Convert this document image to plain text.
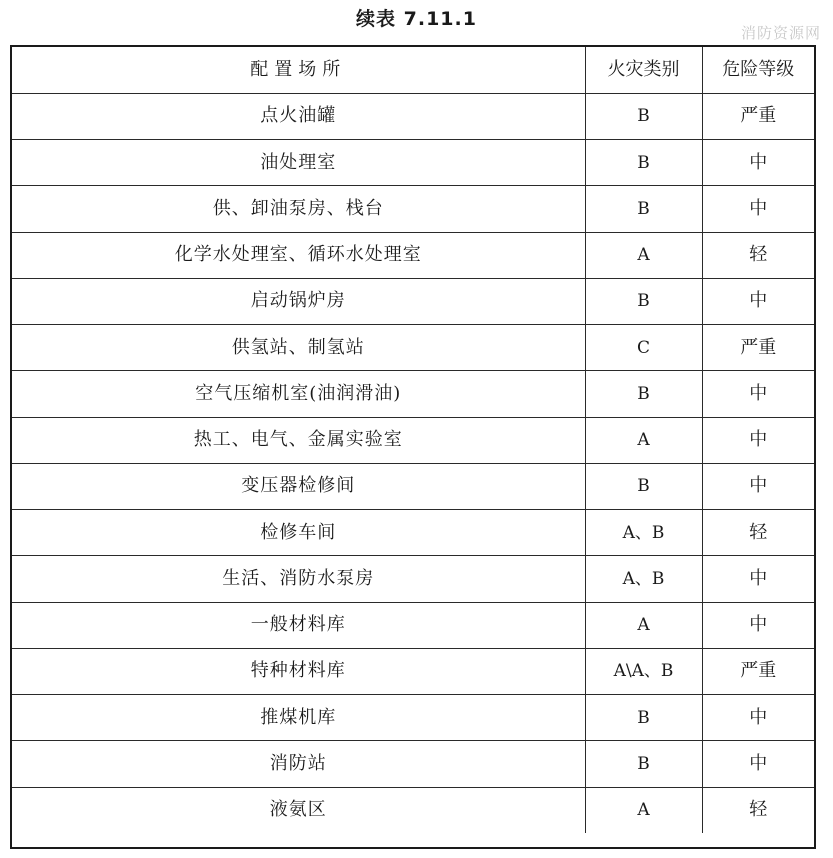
续表 7.11.1
消防资源网
配置场所	火灾类别	危险等级
点火油罐	B	严重
油处理室	B	中
供、卸油泵房、栈台	B	中
化学水处理室、循环水处理室	A	轻
启动锅炉房	B	中
供氢站、制氢站	C	严重
空气压缩机室(油润滑油)	B	中
热工、电气、金属实验室	A	中
变压器检修间	B	中
检修车间	A、B	轻
生活、消防水泵房	A、B	中
一般材料库	A	中
特种材料库	A\A、B	严重
推煤机库	B	中
消防站	B	中
液氨区	A	轻
